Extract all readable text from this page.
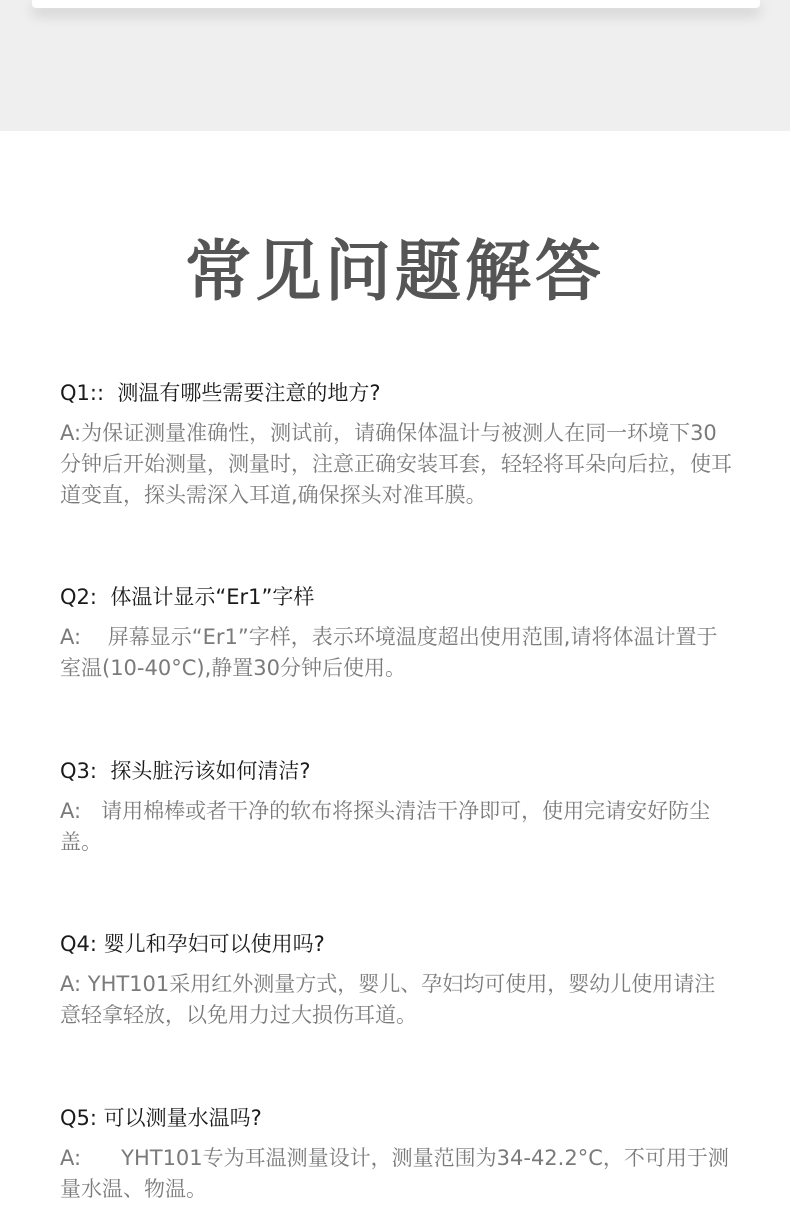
常见问题解答

Q1::  测温有哪些需要注意的地方?

A:为保证测量准确性，测试前，请确保体温计与被测人在同一环境下30分钟后开始测量，测量时，注意正确安装耳套，轻轻将耳朵向后拉，使耳道变直，探头需深入耳道,确保探头对准耳膜。

Q2:  体温计显示“Er1”字样

A:    屏幕显示“Er1”字样，表示环境温度超出使用范围,请将体温计置于室温(10-40°C),静置30分钟后使用。

Q3:  探头脏污该如何清洁?

A:   请用棉棒或者干净的软布将探头清洁干净即可，使用完请安好防尘盖。

Q4: 婴儿和孕妇可以使用吗?

A: YHT101采用红外测量方式，婴儿、孕妇均可使用，婴幼儿使用请注意轻拿轻放，以免用力过大损伤耳道。

Q5: 可以测量水温吗?

A:      YHT101专为耳温测量设计，测量范围为34-42.2°C，不可用于测量水温、物温。
